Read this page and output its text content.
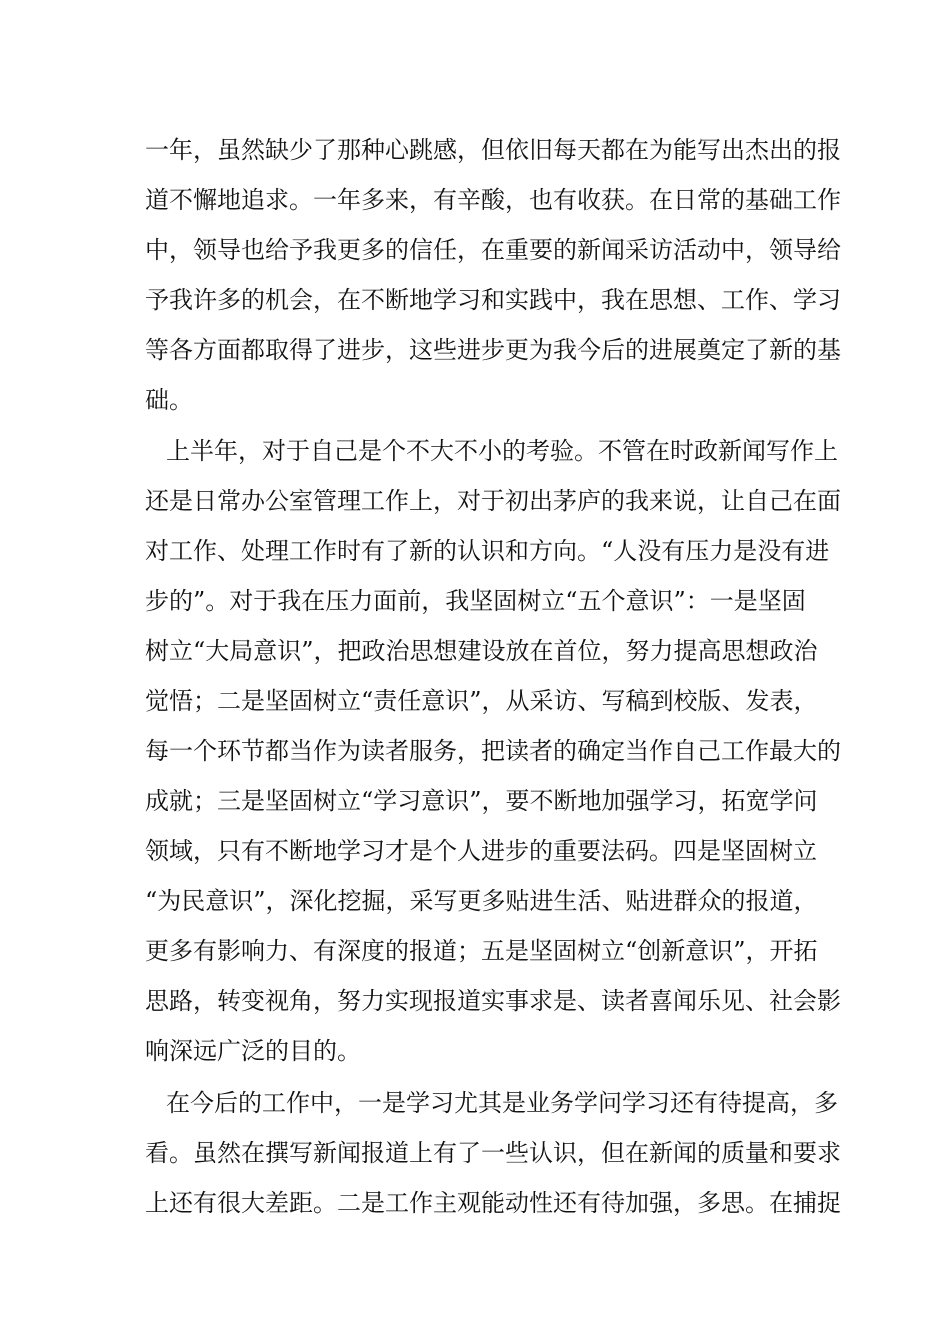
一年，虽然缺少了那种心跳感，但依旧每天都在为能写出杰出的报
道不懈地追求。一年多来，有辛酸，也有收获。在日常的基础工作
中，领导也给予我更多的信任，在重要的新闻采访活动中，领导给
予我许多的机会，在不断地学习和实践中，我在思想、工作、学习
等各方面都取得了进步，这些进步更为我今后的进展奠定了新的基
础。
上半年，对于自己是个不大不小的考验。不管在时政新闻写作上
还是日常办公室管理工作上，对于初出茅庐的我来说，让自己在面
对工作、处理工作时有了新的认识和方向。“人没有压力是没有进
步的”。对于我在压力面前，我坚固树立“五个意识”：一是坚固
树立“大局意识”，把政治思想建设放在首位，努力提高思想政治
觉悟；二是坚固树立“责任意识”，从采访、写稿到校版、发表，
每一个环节都当作为读者服务，把读者的确定当作自己工作最大的
成就；三是坚固树立“学习意识”，要不断地加强学习，拓宽学问
领域，只有不断地学习才是个人进步的重要法码。四是坚固树立
“为民意识”，深化挖掘，采写更多贴进生活、贴进群众的报道，
更多有影响力、有深度的报道；五是坚固树立“创新意识”，开拓
思路，转变视角，努力实现报道实事求是、读者喜闻乐见、社会影
响深远广泛的目的。
在今后的工作中，一是学习尤其是业务学问学习还有待提高，多
看。虽然在撰写新闻报道上有了一些认识，但在新闻的质量和要求
上还有很大差距。二是工作主观能动性还有待加强，多思。在捕捉
